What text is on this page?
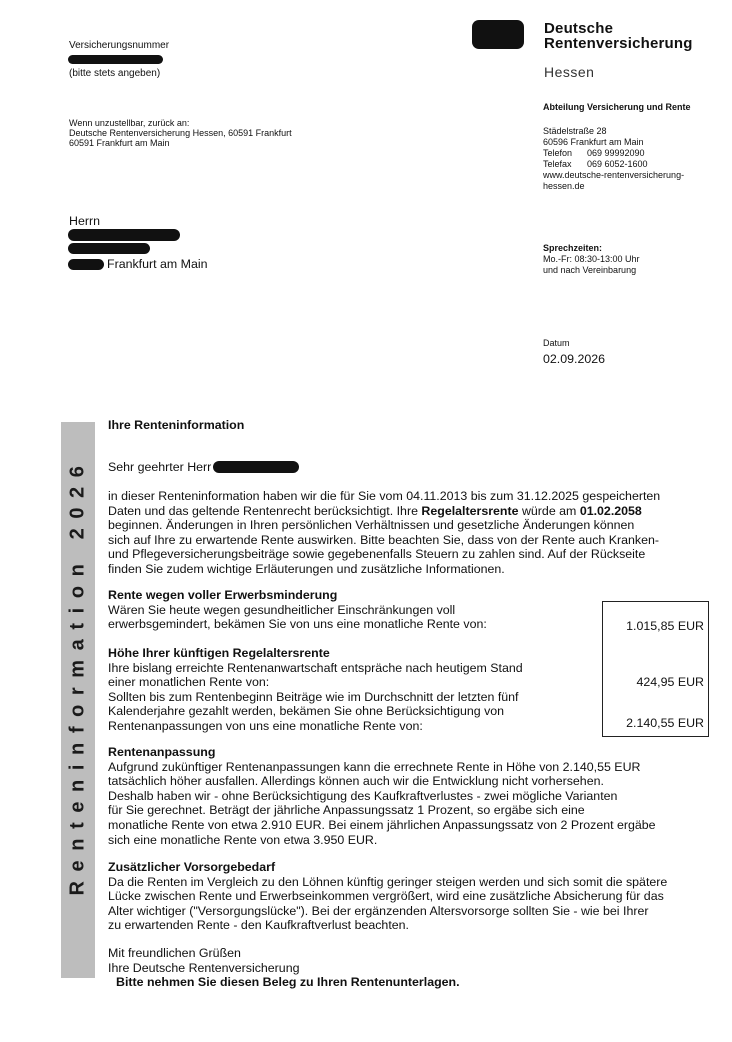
Versicherungsnummer
(bitte stets angeben)
Wenn unzustellbar, zurück an:
Deutsche Rentenversicherung Hessen, 60591 Frankfurt
60591 Frankfurt am Main
Deutsche
Rentenversicherung
Hessen
Abteilung Versicherung und Rente
Städelstraße 28
60596 Frankfurt am Main
Telefon 069 99992090
Telefax 069 6052-1600
www.deutsche-rentenversicherung-
hessen.de
Sprechzeiten:
Mo.-Fr: 08:30-13:00 Uhr
und nach Vereinbarung
Herrn
Frankfurt am Main
Datum
02.09.2026
Renteninformation 2026
Ihre Renteninformation
Sehr geehrter Herr
in dieser Renteninformation haben wir die für Sie vom 04.11.2013 bis zum 31.12.2025 gespeicherten
Daten und das geltende Rentenrecht berücksichtigt. Ihre Regelaltersrente würde am 01.02.2058
beginnen. Änderungen in Ihren persönlichen Verhältnissen und gesetzliche Änderungen können
sich auf Ihre zu erwartende Rente auswirken. Bitte beachten Sie, dass von der Rente auch Kranken-
und Pflegeversicherungsbeiträge sowie gegebenenfalls Steuern zu zahlen sind. Auf der Rückseite
finden Sie zudem wichtige Erläuterungen und zusätzliche Informationen.
Rente wegen voller Erwerbsminderung
Wären Sie heute wegen gesundheitlicher Einschränkungen voll
erwerbsgemindert, bekämen Sie von uns eine monatliche Rente von:
Höhe Ihrer künftigen Regelaltersrente
Ihre bislang erreichte Rentenanwartschaft entspräche nach heutigem Stand
einer monatlichen Rente von:
Sollten bis zum Rentenbeginn Beiträge wie im Durchschnitt der letzten fünf
Kalenderjahre gezahlt werden, bekämen Sie ohne Berücksichtigung von
Rentenanpassungen von uns eine monatliche Rente von:
1.015,85 EUR
424,95 EUR
2.140,55 EUR
Rentenanpassung
Aufgrund zukünftiger Rentenanpassungen kann die errechnete Rente in Höhe von 2.140,55 EUR
tatsächlich höher ausfallen. Allerdings können auch wir die Entwicklung nicht vorhersehen.
Deshalb haben wir - ohne Berücksichtigung des Kaufkraftverlustes - zwei mögliche Varianten
für Sie gerechnet. Beträgt der jährliche Anpassungssatz 1 Prozent, so ergäbe sich eine
monatliche Rente von etwa 2.910 EUR. Bei einem jährlichen Anpassungssatz von 2 Prozent ergäbe
sich eine monatliche Rente von etwa 3.950 EUR.
Zusätzlicher Vorsorgebedarf
Da die Renten im Vergleich zu den Löhnen künftig geringer steigen werden und sich somit die spätere
Lücke zwischen Rente und Erwerbseinkommen vergrößert, wird eine zusätzliche Absicherung für das
Alter wichtiger ("Versorgungslücke"). Bei der ergänzenden Altersvorsorge sollten Sie - wie bei Ihrer
zu erwartenden Rente - den Kaufkraftverlust beachten.
Mit freundlichen Grüßen
Ihre Deutsche Rentenversicherung
Bitte nehmen Sie diesen Beleg zu Ihren Rentenunterlagen.
